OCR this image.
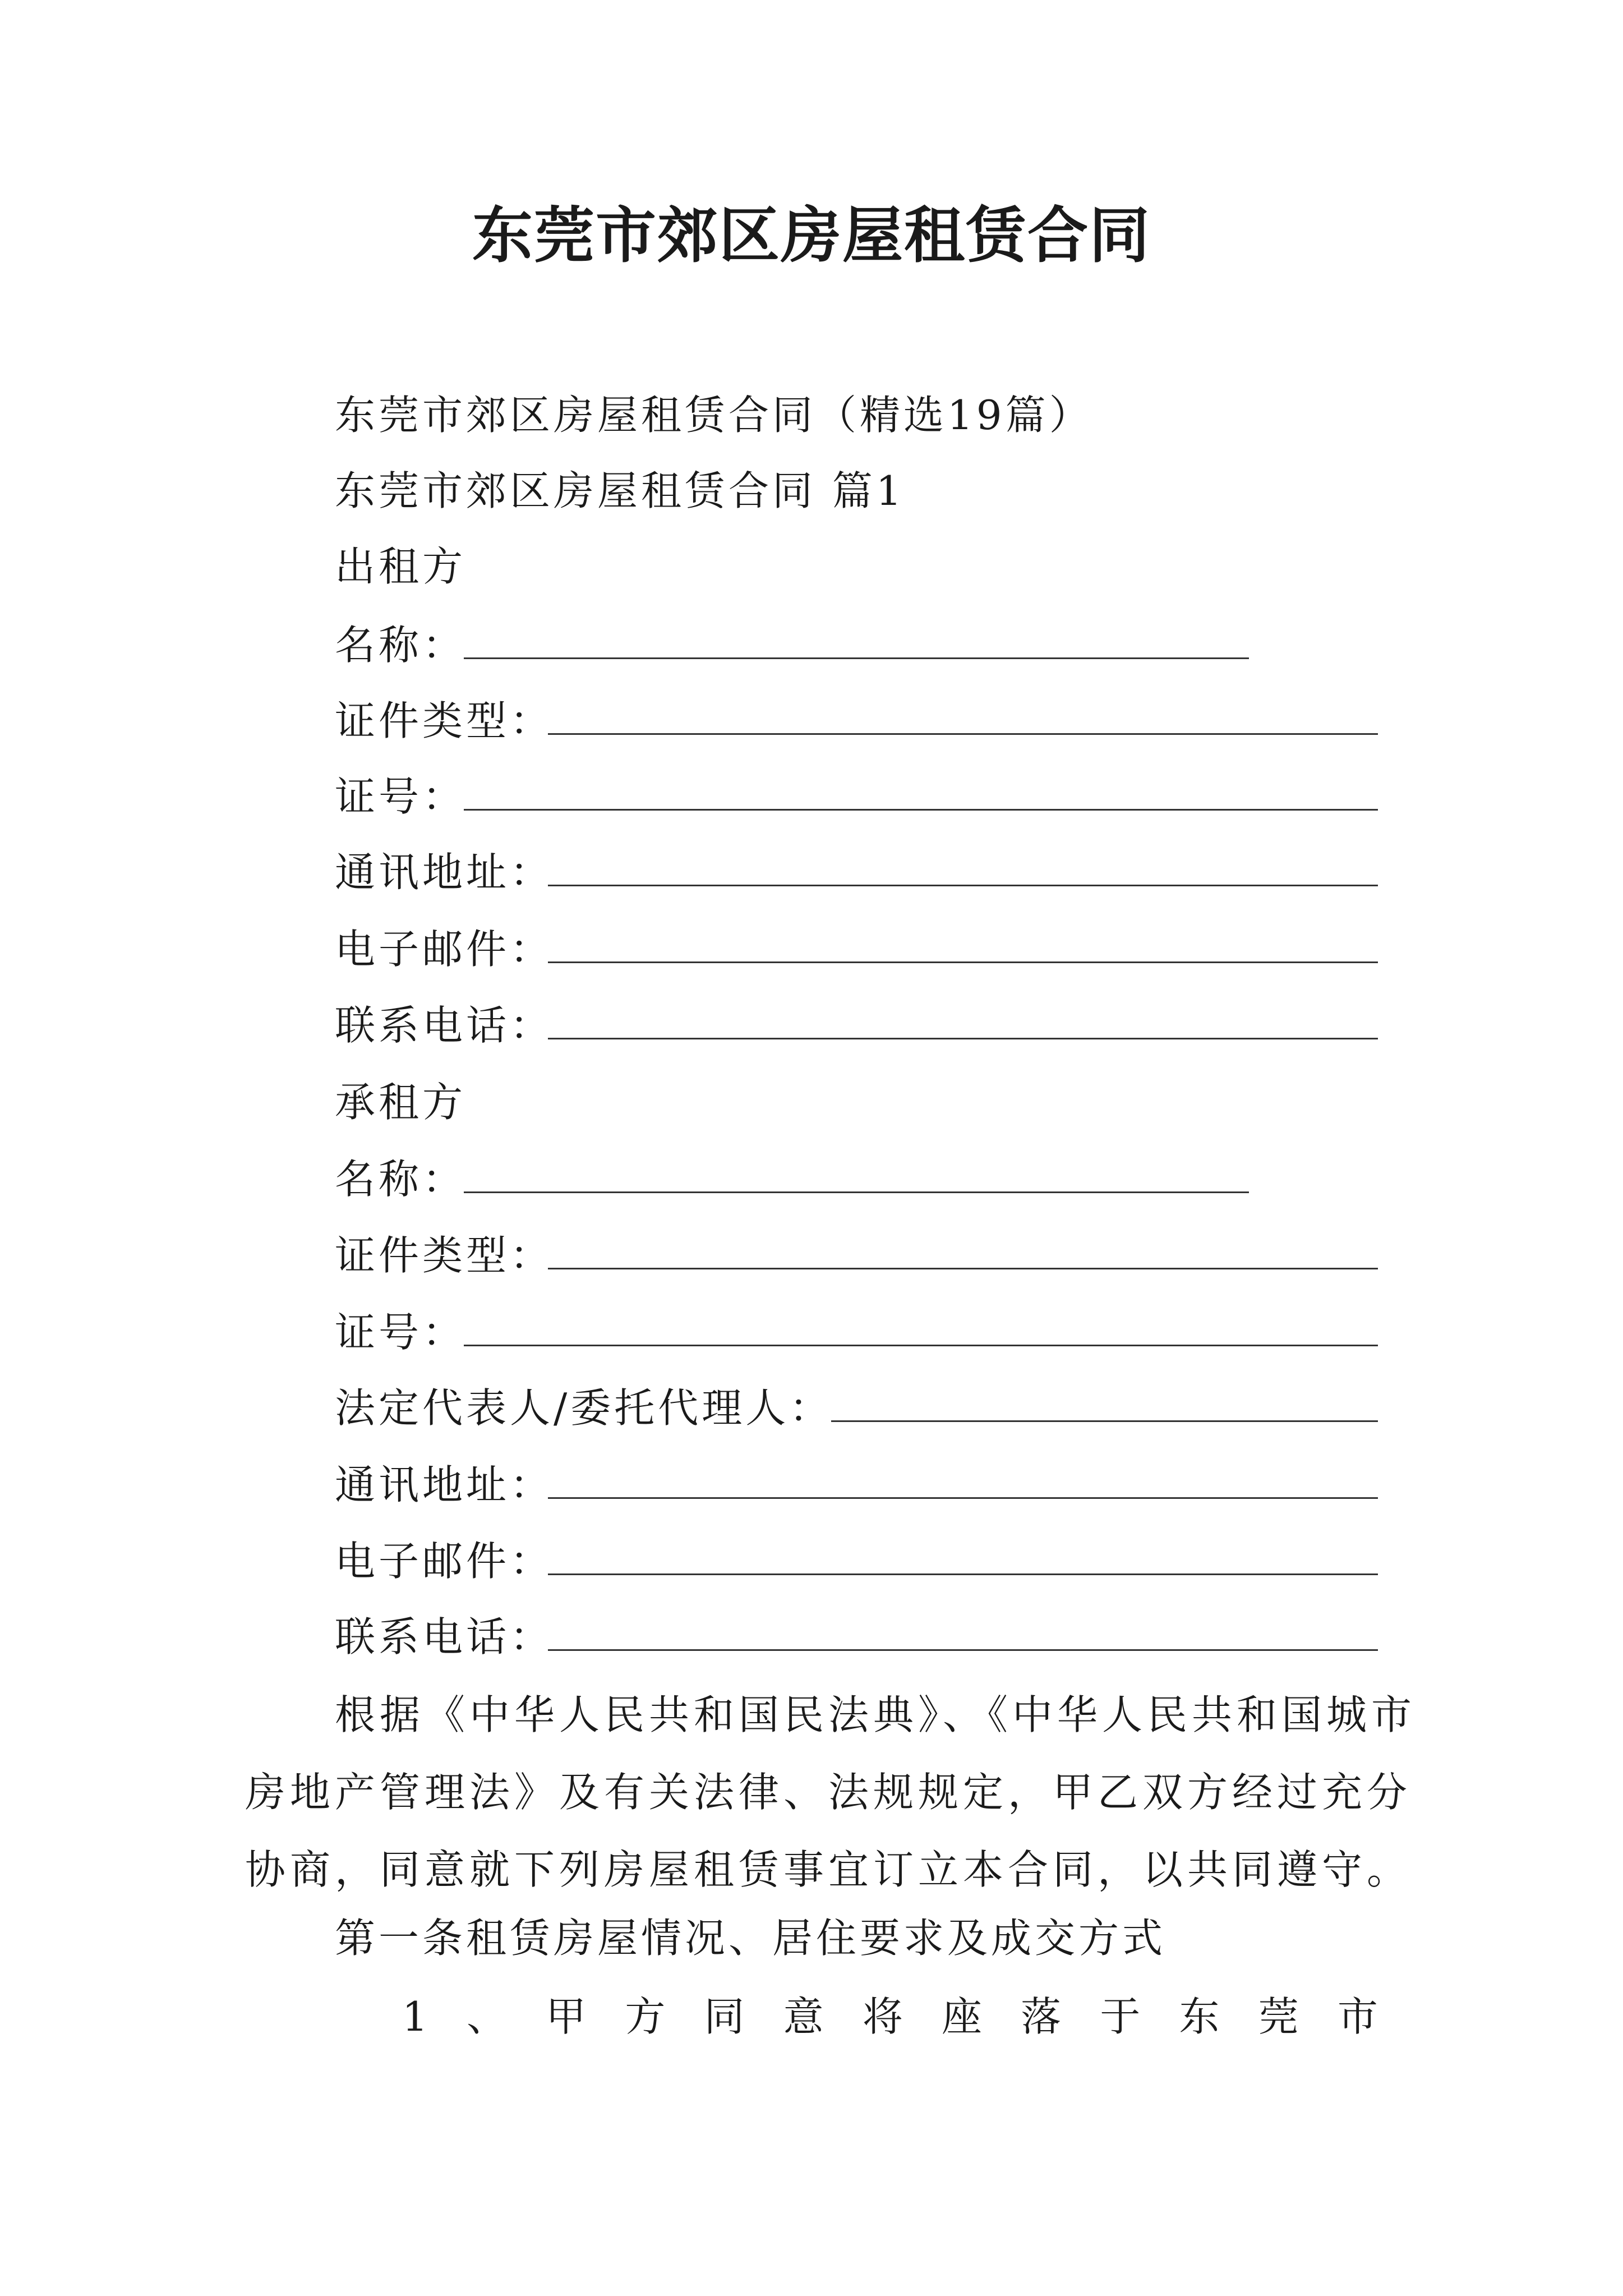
东莞市郊区房屋租赁合同
东莞市郊区房屋租赁合同（精选19篇）
东莞市郊区房屋租赁合同 篇1
出租方
名称：
证件类型：
证号：
通讯地址：
电子邮件：
联系电话：
承租方
名称：
证件类型：
证号：
法定代表人/委托代理人：
通讯地址：
电子邮件：
联系电话：
根据《中华人民共和国民法典》、《中华人民共和国城市
房地产管理法》及有关法律、法规规定，甲乙双方经过充分
协商，同意就下列房屋租赁事宜订立本合同，以共同遵守。
第一条租赁房屋情况、居住要求及成交方式
1 、 甲 方 同 意 将 座 落 于 东 莞 市
